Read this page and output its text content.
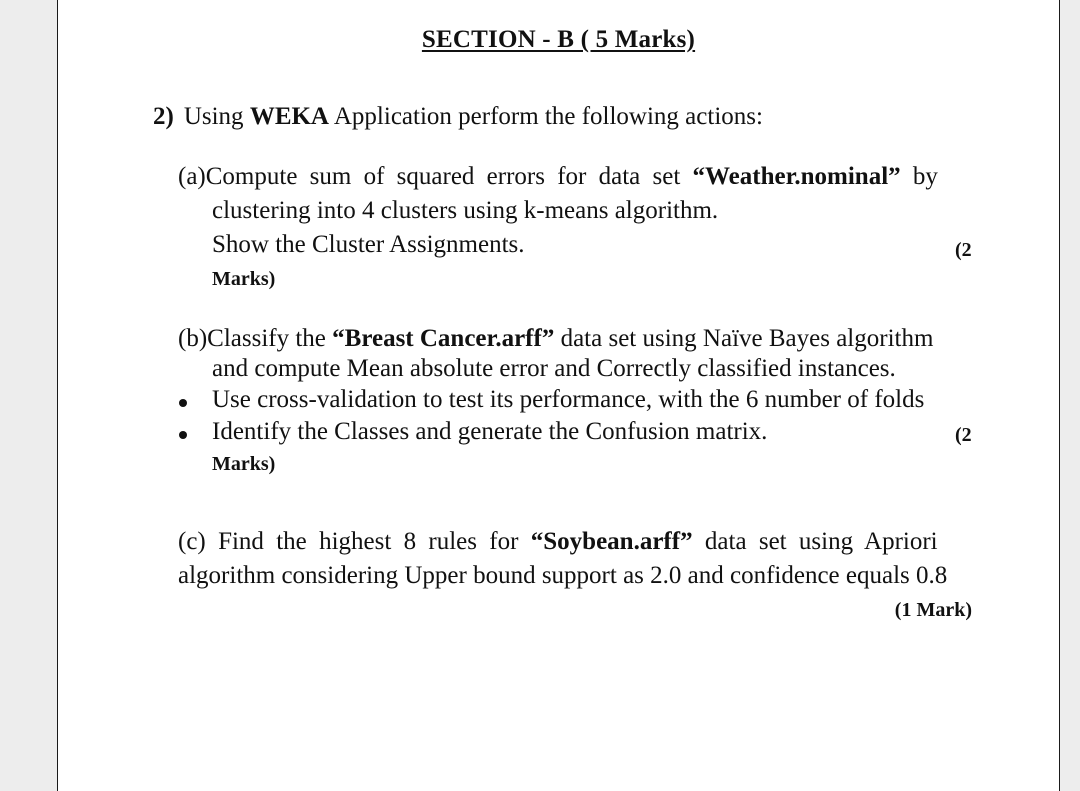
SECTION - B ( 5 Marks)
2) Using WEKA Application perform the following actions:
(a)Compute sum of squared errors for data set “Weather.nominal” by
clustering into 4 clusters using k-means algorithm.
Show the Cluster Assignments.	(2
Marks)
(b)Classify the “Breast Cancer.arff” data set using Naïve Bayes algorithm
and compute Mean absolute error and Correctly classified instances.
Use cross-validation to test its performance, with the 6 number of folds
Identify the Classes and generate the Confusion matrix.	(2
Marks)
(c) Find the highest 8 rules for “Soybean.arff” data set using Apriori
algorithm considering Upper bound support as 2.0 and confidence equals 0.8
(1 Mark)
